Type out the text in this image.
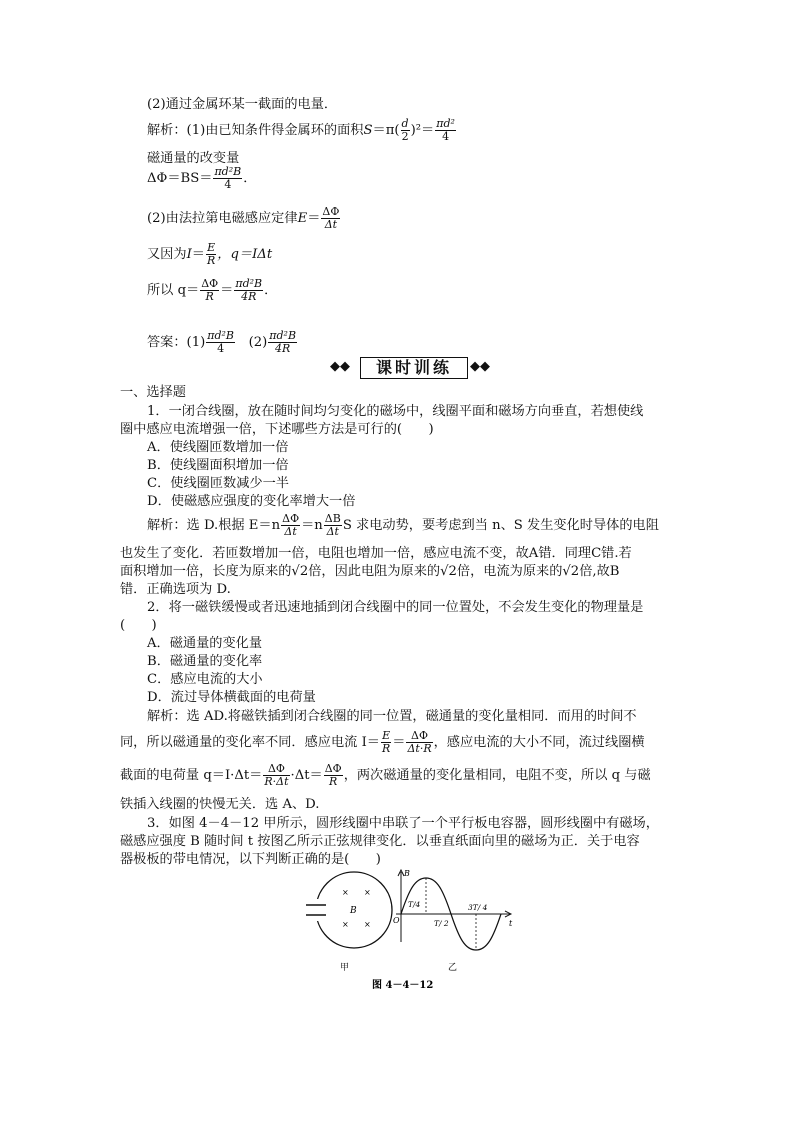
(2)通过金属环某一截面的电量．
解析：(1)由已知条件得金属环的面积$S=\pi( \frac{d}{2} )^2= \frac{\text{πd²}}{4}$
磁通量的改变量
$\Delta\Phi=BS= \frac{\text{πd²B}}{4}$ ．
(2)由法拉第电磁感应定律$E= \frac{\Delta\Phi}{\Delta t}$
又因为$I= \frac{E}{R}$ ，q＝IΔt
所以 $q= \frac{\Delta\Phi}{R} = \frac{\text{πd²B}}{4R}$ ．
答案：$(1) \frac{\text{πd²B}}{4} (2) \frac{\text{πd²B}}{4R}$
◆◆	课时训练	◆◆
一、选择题
1．一闭合线圈，放在随时间均匀变化的磁场中，线圈平面和磁场方向垂直，若想使线
圈中感应电流增强一倍，下述哪些方法是可行的(　　)
A．使线圈匝数增加一倍
B．使线圈面积增加一倍
C．使线圈匝数减少一半
D．使磁感应强度的变化率增大一倍
解析：选 D.根据 $E=n \frac{\Delta\Phi}{\Delta t} =n \frac{\Delta B}{\Delta t}$ S 求电动势，要考虑到当 n、S 发生变化时导体的电阻
也发生了变化．若匝数增加一倍，电阻也增加一倍，感应电流不变，故A错．同理C错.若
面积增加一倍，长度为原来的√2倍，因此电阻为原来的√2倍，电流为原来的√2倍,故B
错．正确选项为 D.
2．将一磁铁缓慢或者迅速地插到闭合线圈中的同一位置处，不会发生变化的物理量是
(　　)
A．磁通量的变化量
B．磁通量的变化率
C．感应电流的大小
D．流过导体横截面的电荷量
解析：选 AD.将磁铁插到闭合线圈的同一位置，磁通量的变化量相同．而用的时间不
同，所以磁通量的变化率不同．感应电流 $I= \frac{E}{R} = \frac{\Delta\Phi}{\Delta t\cdot R}$ ，感应电流的大小不同，流过线圈横
截面的电荷量 $q=I\cdot\Delta t= \frac{\Delta\Phi}{R\cdot\Delta t} \cdot\Delta t= \frac{\Delta\Phi}{R}$ ，两次磁通量的变化量相同，电阻不变，所以 q 与磁
铁插入线圈的快慢无关．选 A、D.
3．如图 4－4－12 甲所示，圆形线圈中串联了一个平行板电容器，圆形线圈中有磁场，
磁感应强度 B 随时间 t 按图乙所示正弦规律变化．以垂直纸面向里的磁场为正．关于电容
器极板的带电情况，以下判断正确的是(　　)
× ×
× ×
B
B
t
O
T/4
T/ 2
3T/ 4
甲	乙
图 4－4－12
